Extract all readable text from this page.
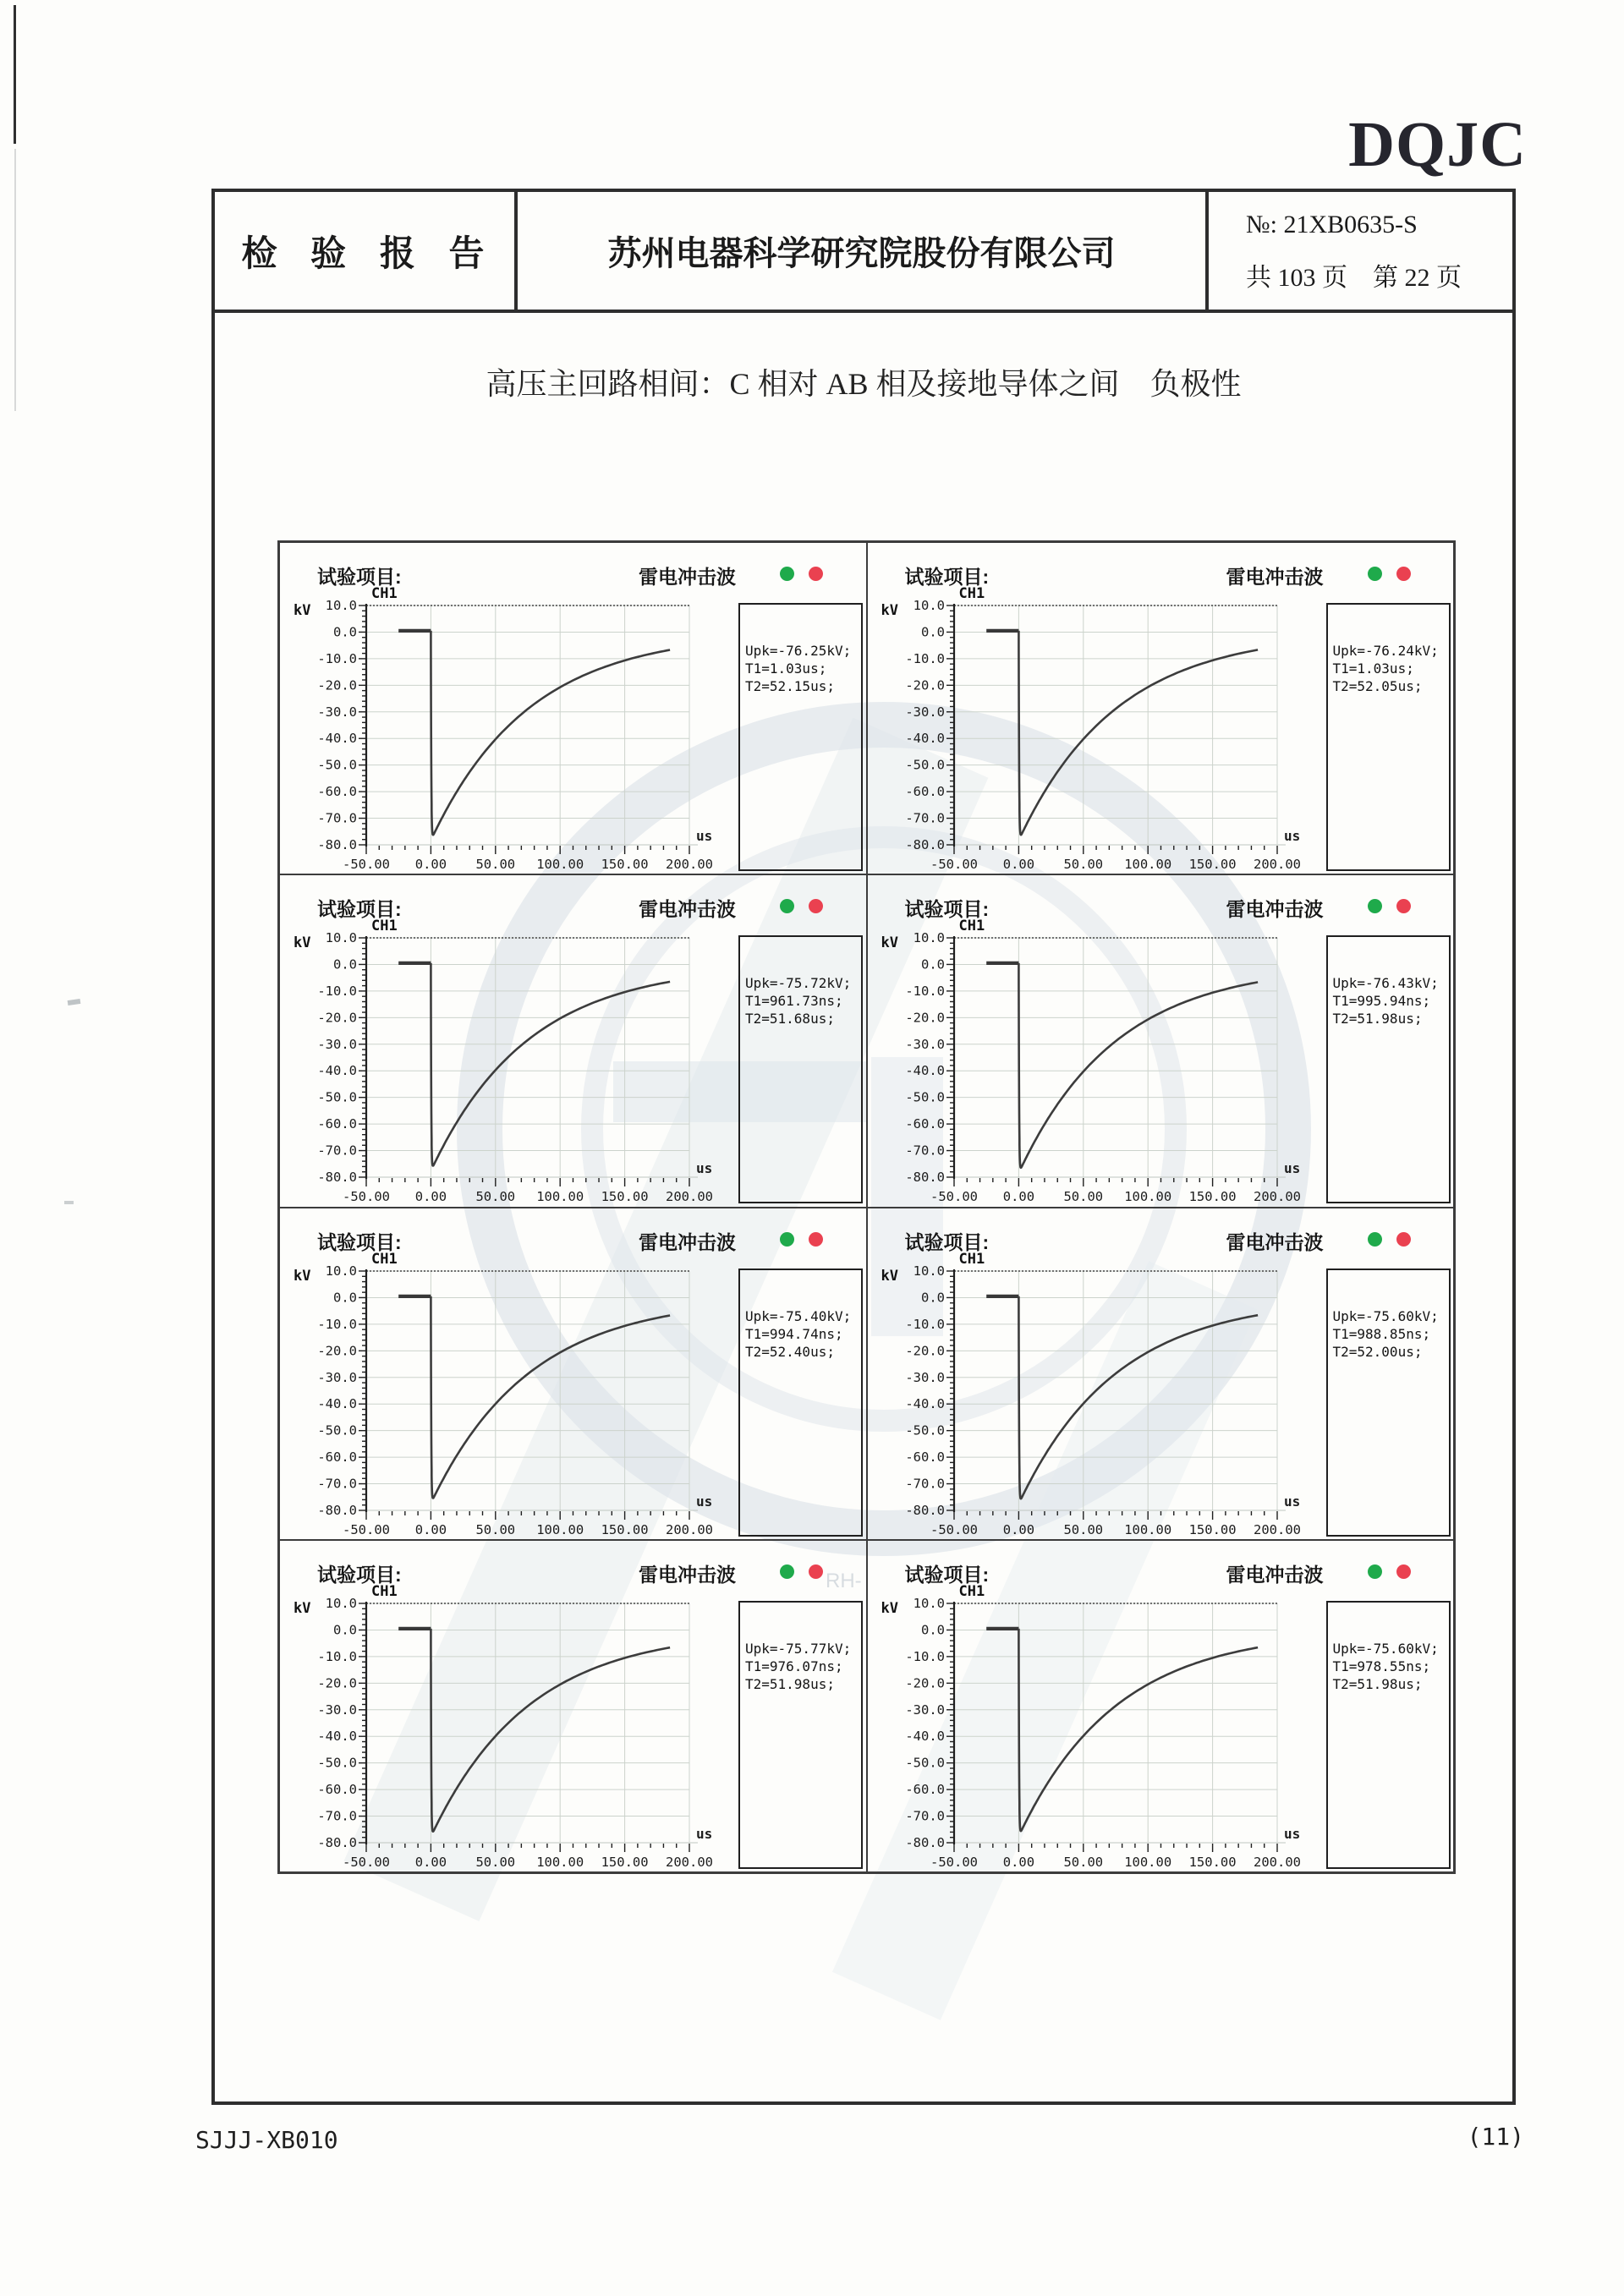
RH-
DQJC
检 验 报 告	苏州电器科学研究院股份有限公司
№: 21XB0635-S
共 103 页　第 22 页
高压主回路相间：C 相对 AB 相及接地导体之间　负极性
试验项目:	雷电冲击波
CH1
kV 10.0
0.0
-10.0
-20.0
-30.0
-40.0
-50.0
-60.0
-70.0
-80.0
-50.00 0.00 50.00 100.00 150.00 200.00
us
Upk=-76.25kV;
T1=1.03us;
T2=52.15us;
试验项目:	雷电冲击波
CH1
kV 10.0
0.0
-10.0
-20.0
-30.0
-40.0
-50.0
-60.0
-70.0
-80.0
-50.00 0.00 50.00 100.00 150.00 200.00
us
Upk=-76.24kV;
T1=1.03us;
T2=52.05us;
试验项目:	雷电冲击波
CH1
kV 10.0
0.0
-10.0
-20.0
-30.0
-40.0
-50.0
-60.0
-70.0
-80.0
-50.00 0.00 50.00 100.00 150.00 200.00
us
Upk=-75.72kV;
T1=961.73ns;
T2=51.68us;
试验项目:	雷电冲击波
CH1
kV 10.0
0.0
-10.0
-20.0
-30.0
-40.0
-50.0
-60.0
-70.0
-80.0
-50.00 0.00 50.00 100.00 150.00 200.00
us
Upk=-76.43kV;
T1=995.94ns;
T2=51.98us;
试验项目:	雷电冲击波
CH1
kV 10.0
0.0
-10.0
-20.0
-30.0
-40.0
-50.0
-60.0
-70.0
-80.0
-50.00 0.00 50.00 100.00 150.00 200.00
us
Upk=-75.40kV;
T1=994.74ns;
T2=52.40us;
试验项目:	雷电冲击波
CH1
kV 10.0
0.0
-10.0
-20.0
-30.0
-40.0
-50.0
-60.0
-70.0
-80.0
-50.00 0.00 50.00 100.00 150.00 200.00
us
Upk=-75.60kV;
T1=988.85ns;
T2=52.00us;
试验项目:	雷电冲击波
CH1
kV 10.0
0.0
-10.0
-20.0
-30.0
-40.0
-50.0
-60.0
-70.0
-80.0
-50.00 0.00 50.00 100.00 150.00 200.00
us
Upk=-75.77kV;
T1=976.07ns;
T2=51.98us;
试验项目:	雷电冲击波
CH1
kV 10.0
0.0
-10.0
-20.0
-30.0
-40.0
-50.0
-60.0
-70.0
-80.0
-50.00 0.00 50.00 100.00 150.00 200.00
us
Upk=-75.60kV;
T1=978.55ns;
T2=51.98us;
SJJJ-XB010	(11)
